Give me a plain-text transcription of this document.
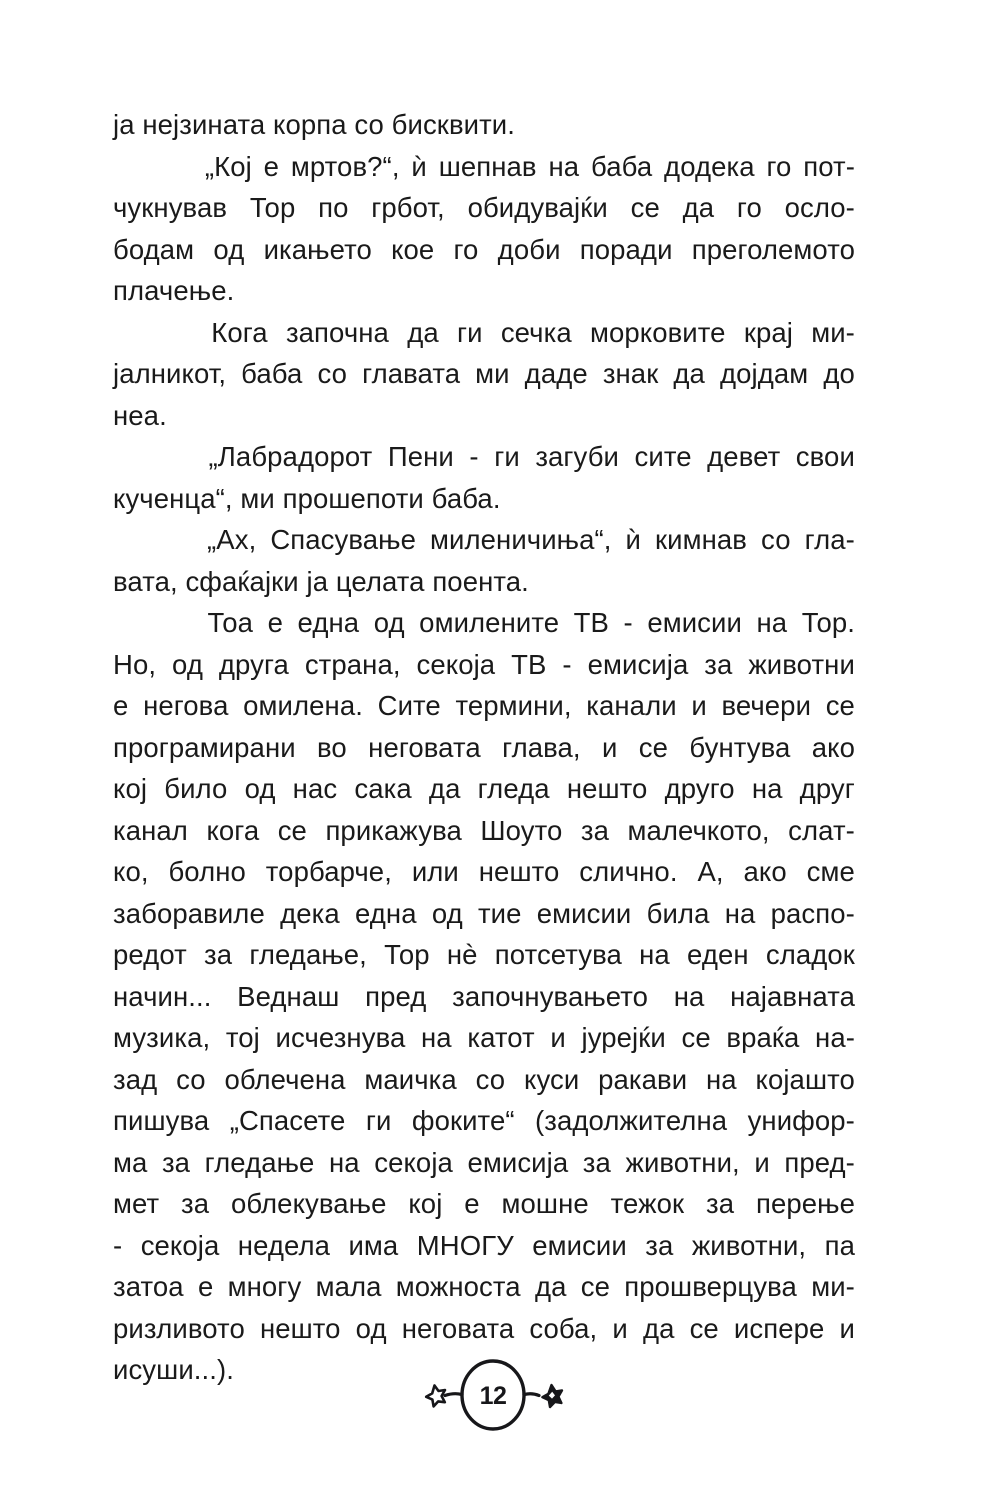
ја нејзината корпа со бисквити.
„Кој е мртов?“, ѝ шепнав на баба додека го пот-
чукнував Тор по грбот, обидувајќи се да го осло-
бодам од икањето кое го доби поради преголемото
плачење.
Кога започна да ги сечка морковите крај ми-
јалникот, баба со главата ми даде знак да дојдам до
неа.
„Лабрадорот Пени - ги загуби сите девет свои
кученца“, ми прошепоти баба.
„Ах, Спасување миленичиња“, ѝ кимнав со гла-
вата, сфаќајки ја целата поента.
Тоа е една од омилените ТВ - емисии на Тор.
Но, од друга страна, секоја ТВ - емисија за животни
е негова омилена. Сите термини, канали и вечери се
програмирани во неговата глава, и се бунтува ако
кој било од нас сака да гледа нешто друго на друг
канал кога се прикажува Шоуто за малечкото, слат-
ко, болно торбарче, или нешто слично. А, ако сме
заборавиле дека една од тие емисии била на распо-
редот за гледање, Тор нè потсетува на еден сладок
начин... Веднаш пред започнувањето на најавната
музика, тој исчезнува на катот и јурејќи се враќа на-
зад со облечена маичка со куси ракави на којашто
пишува „Спасете ги фоките“ (задолжителна унифор-
ма за гледање на секоја емисија за животни, и пред-
мет за облекување кој е мошне тежок за перење
- секоја недела има МНОГУ емисии за животни, па
затоа е многу мала можноста да се прошверцува ми-
ризливото нешто од неговата соба, и да се испере и
исуши...).
12
